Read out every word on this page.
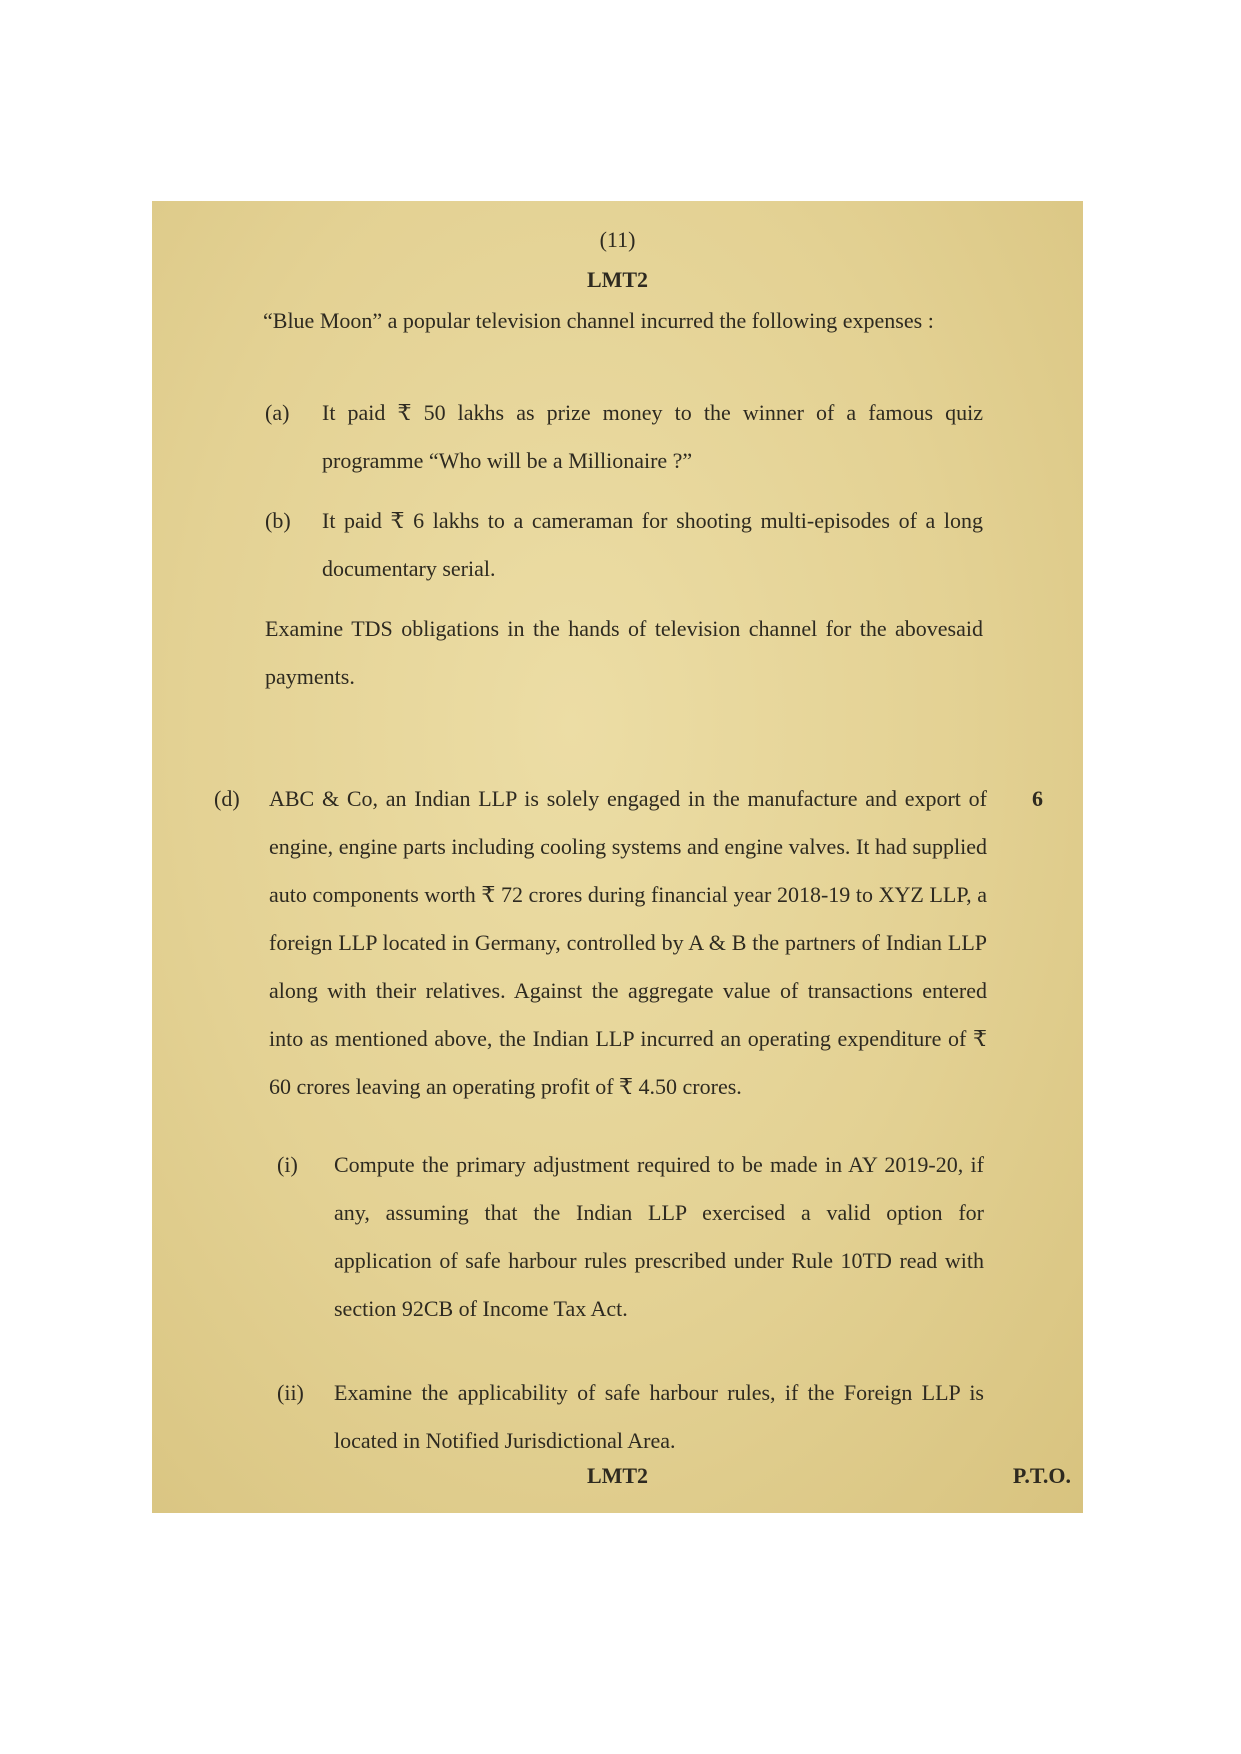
(11)
LMT2
“Blue Moon” a popular television channel incurred the following expenses :
(a) It paid ₹ 50 lakhs as prize money to the winner of a famous quiz programme “Who will be a Millionaire ?”
(b) It paid ₹ 6 lakhs to a cameraman for shooting multi-episodes of a long documentary serial.
Examine TDS obligations in the hands of television channel for the abovesaid payments.
(d) ABC & Co, an Indian LLP is solely engaged in the manufacture and export of engine, engine parts including cooling systems and engine valves. It had supplied auto components worth ₹ 72 crores during financial year 2018-19 to XYZ LLP, a foreign LLP located in Germany, controlled by A & B the partners of Indian LLP along with their relatives. Against the aggregate value of transactions entered into as mentioned above, the Indian LLP incurred an operating expenditure of ₹ 60 crores leaving an operating profit of ₹ 4.50 crores.
6
(i) Compute the primary adjustment required to be made in AY 2019-20, if any, assuming that the Indian LLP exercised a valid option for application of safe harbour rules prescribed under Rule 10TD read with section 92CB of Income Tax Act.
(ii) Examine the applicability of safe harbour rules, if the Foreign LLP is located in Notified Jurisdictional Area.
LMT2	P.T.O.
